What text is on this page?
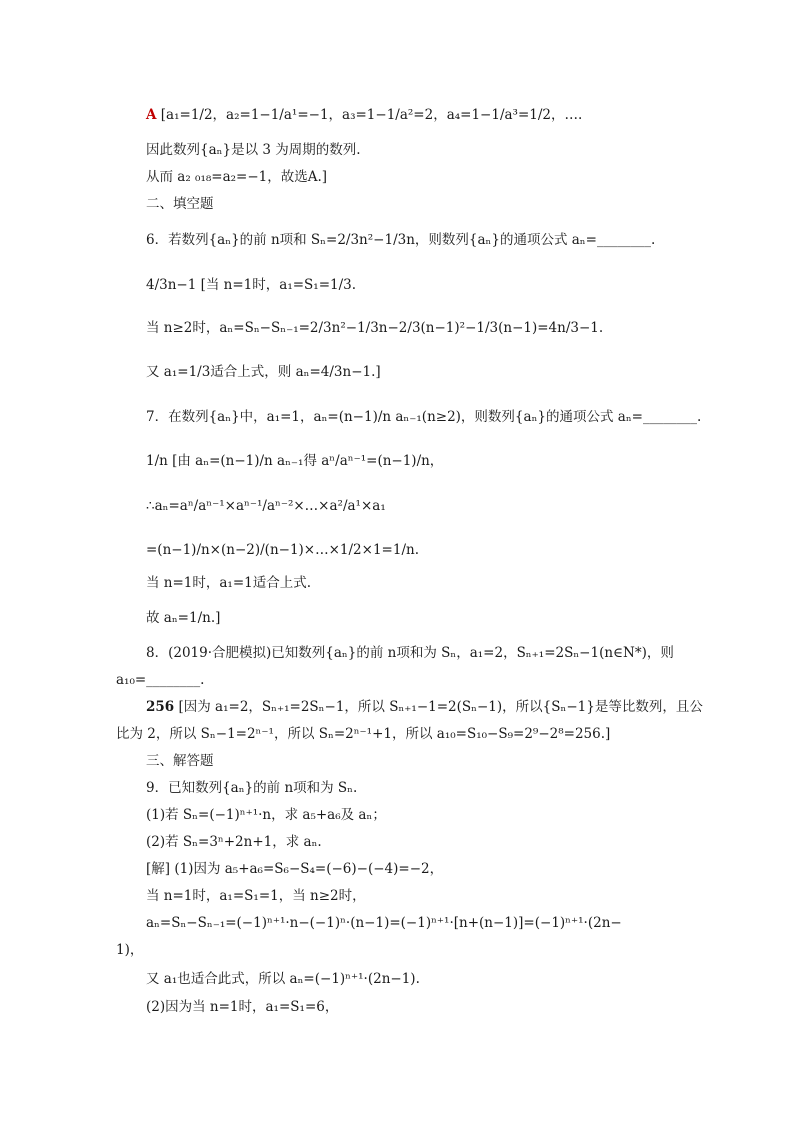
A [a₁=1/2，a₂=1−1/a¹=−1，a₃=1−1/a²=2，a₄=1−1/a³=1/2，….
因此数列{aₙ}是以 3 为周期的数列.
从而 a₂ ₀₁₈=a₂=−1，故选A.]
二、填空题
6．若数列{aₙ}的前 n项和 Sₙ=2/3n²−1/3n，则数列{aₙ}的通项公式 aₙ=________.
4/3n−1 [当 n=1时，a₁=S₁=1/3.
当 n≥2时，aₙ=Sₙ−Sₙ₋₁=2/3n²−1/3n−2/3(n−1)²−1/3(n−1)=4n/3−1.
又 a₁=1/3适合上式，则 aₙ=4/3n−1.]
7．在数列{aₙ}中，a₁=1，aₙ=(n−1)/n aₙ₋₁(n≥2)，则数列{aₙ}的通项公式 aₙ=________.
1/n [由 aₙ=(n−1)/n aₙ₋₁得 aⁿ/aⁿ⁻¹=(n−1)/n，
∴aₙ=aⁿ/aⁿ⁻¹×aⁿ⁻¹/aⁿ⁻²×…×a²/a¹×a₁
=(n−1)/n×(n−2)/(n−1)×…×1/2×1=1/n.
当 n=1时，a₁=1适合上式.
故 aₙ=1/n.]
8．(2019·合肥模拟)已知数列{aₙ}的前 n项和为 Sₙ，a₁=2，Sₙ₊₁=2Sₙ−1(n∈N*)，则
a₁₀=________.
256 [因为 a₁=2，Sₙ₊₁=2Sₙ−1，所以 Sₙ₊₁−1=2(Sₙ−1)，所以{Sₙ−1}是等比数列，且公
比为 2，所以 Sₙ−1=2ⁿ⁻¹，所以 Sₙ=2ⁿ⁻¹+1，所以 a₁₀=S₁₀−S₉=2⁹−2⁸=256.]
三、解答题
9．已知数列{aₙ}的前 n项和为 Sₙ.
(1)若 Sₙ=(−1)ⁿ⁺¹·n，求 a₅+a₆及 aₙ；
(2)若 Sₙ=3ⁿ+2n+1，求 aₙ.
[解] (1)因为 a₅+a₆=S₆−S₄=(−6)−(−4)=−2，
当 n=1时，a₁=S₁=1，当 n≥2时，
aₙ=Sₙ−Sₙ₋₁=(−1)ⁿ⁺¹·n−(−1)ⁿ·(n−1)=(−1)ⁿ⁺¹·[n+(n−1)]=(−1)ⁿ⁺¹·(2n−
1)，
又 a₁也适合此式，所以 aₙ=(−1)ⁿ⁺¹·(2n−1).
(2)因为当 n=1时，a₁=S₁=6，
